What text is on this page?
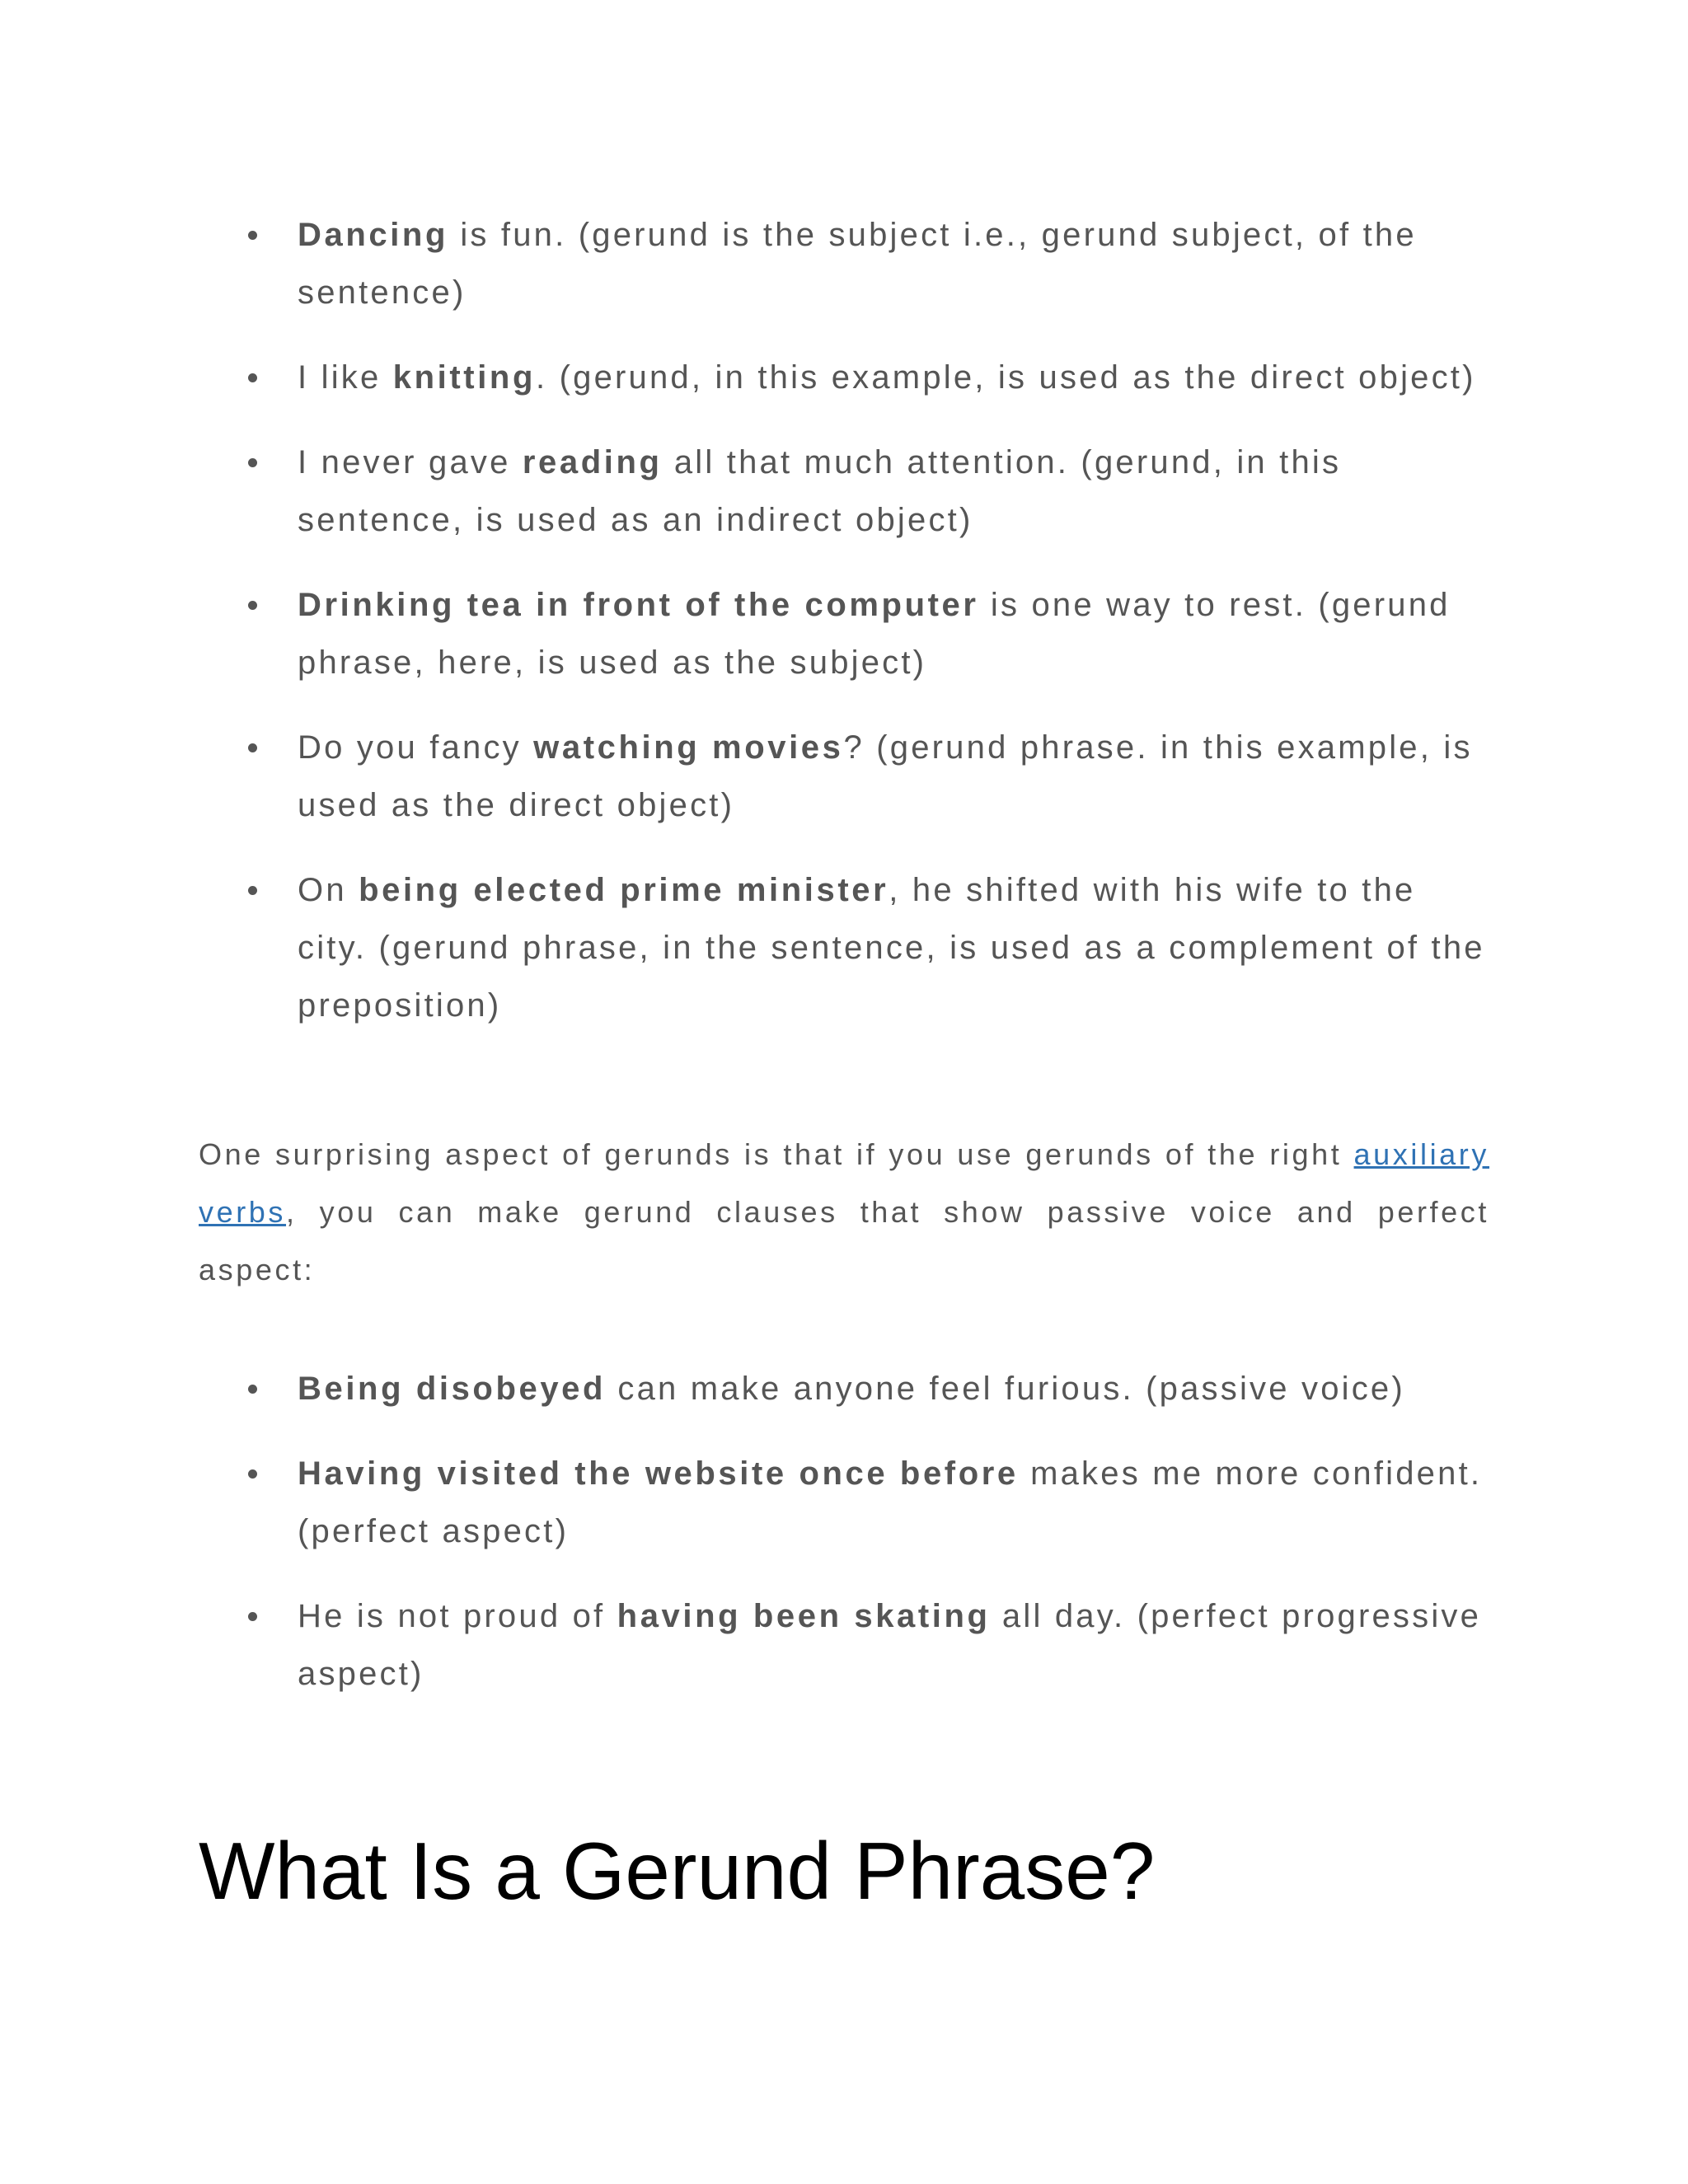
Dancing is fun. (gerund is the subject i.e., gerund subject, of the sentence)
I like knitting. (gerund, in this example, is used as the direct object)
I never gave reading all that much attention. (gerund, in this sentence, is used as an indirect object)
Drinking tea in front of the computer is one way to rest. (gerund phrase, here, is used as the subject)
Do you fancy watching movies? (gerund phrase. in this example, is used as the direct object)
On being elected prime minister, he shifted with his wife to the city. (gerund phrase, in the sentence, is used as a complement of the preposition)

One surprising aspect of gerunds is that if you use gerunds of the right auxiliary verbs, you can make gerund clauses that show passive voice and perfect aspect:

Being disobeyed can make anyone feel furious. (passive voice)
Having visited the website once before makes me more confident. (perfect aspect)
He is not proud of having been skating all day. (perfect progressive aspect)
What Is a Gerund Phrase?
